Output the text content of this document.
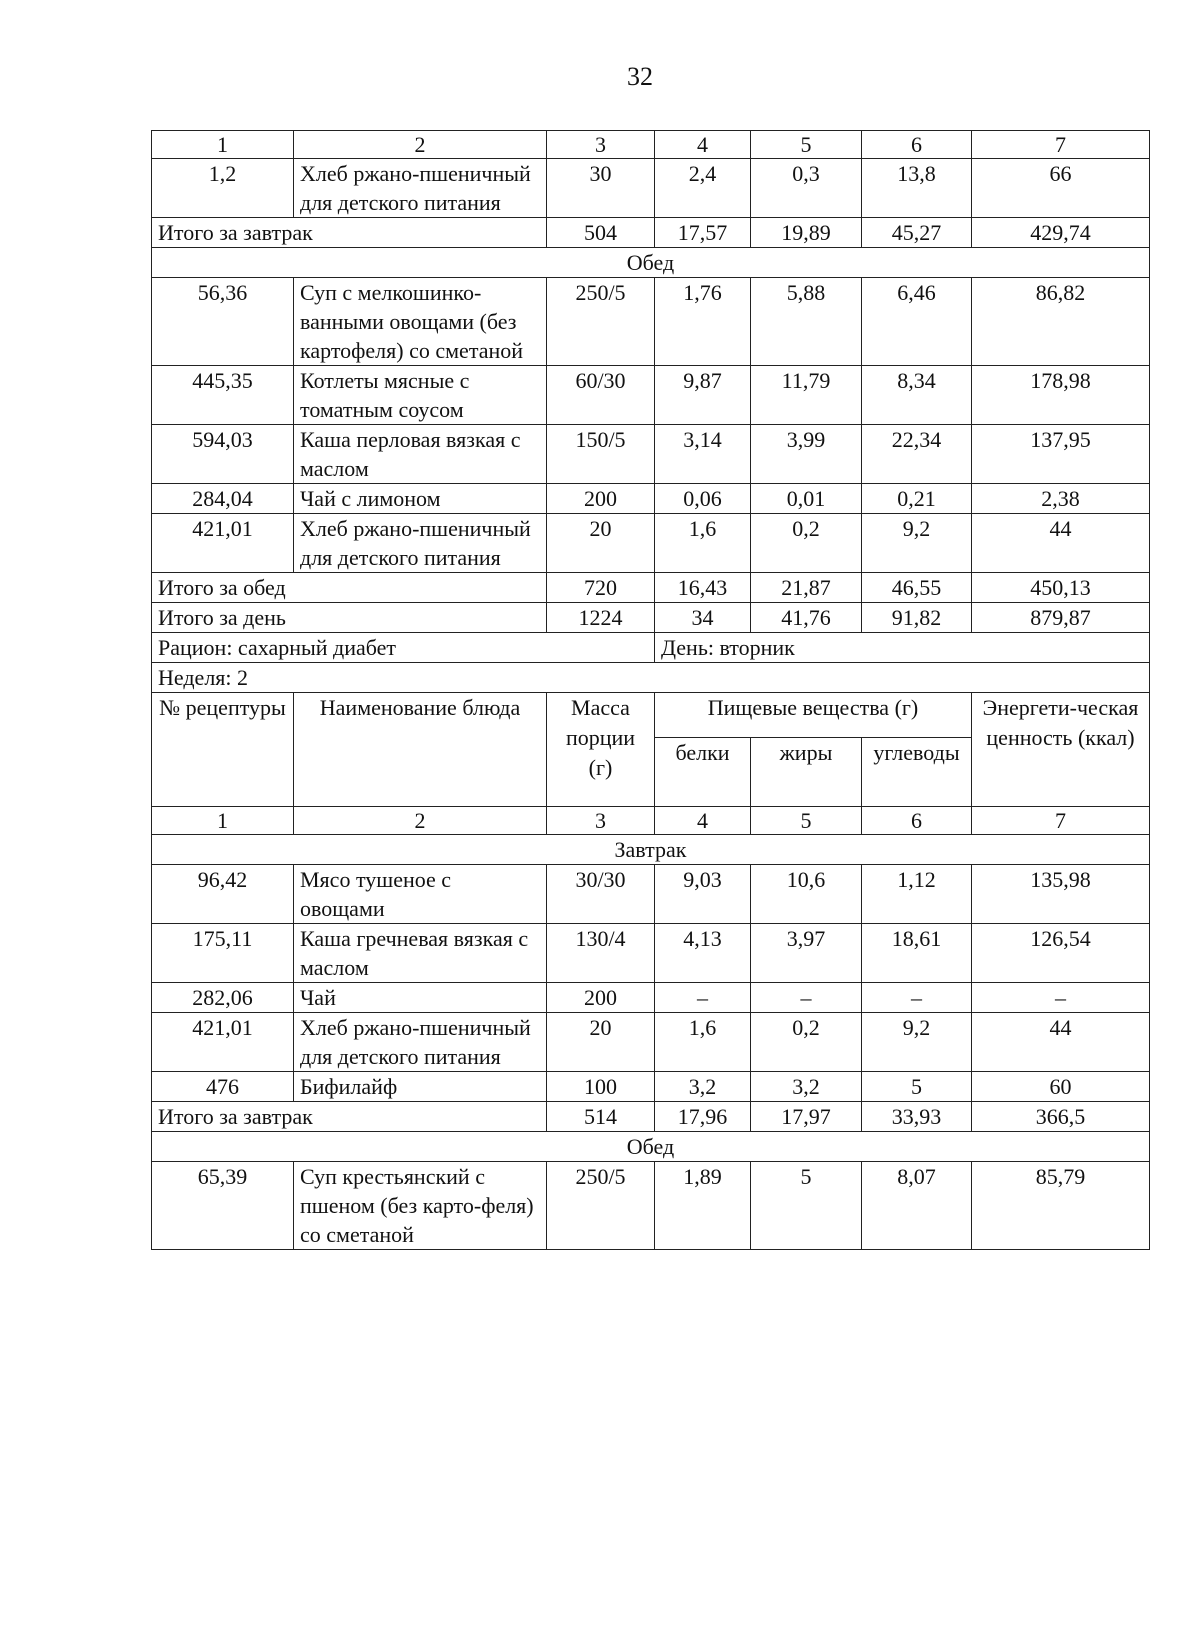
32
1	2	3	4	5	6	7
1,2	Хлеб ржано-пшеничный для детского питания	30	2,4	0,3	13,8	66
Итого за завтрак		504	17,57	19,89	45,27	429,74
Обед						
56,36	Суп с мелкошинко-ванными овощами (без картофеля) со сметаной	250/5	1,76	5,88	6,46	86,82
445,35	Котлеты мясные с томатным соусом	60/30	9,87	11,79	8,34	178,98
594,03	Каша перловая вязкая с маслом	150/5	3,14	3,99	22,34	137,95
284,04	Чай с лимоном	200	0,06	0,01	0,21	2,38
421,01	Хлеб ржано-пшеничный для детского питания	20	1,6	0,2	9,2	44
Итого за обед		720	16,43	21,87	46,55	450,13
Итого за день		1224	34	41,76	91,82	879,87
Рацион: сахарный диабет			День: вторник			
Неделя: 2						
№ рецептуры	Наименование блюда	Масса порции (г)	Пищевые вещества (г)			Энергети-ческая ценность (ккал)
			белки	жиры	углеводы	
1	2	3	4	5	6	7
Завтрак						
96,42	Мясо тушеное с овощами	30/30	9,03	10,6	1,12	135,98
175,11	Каша гречневая вязкая с маслом	130/4	4,13	3,97	18,61	126,54
282,06	Чай	200	–	–	–	–
421,01	Хлеб ржано-пшеничный для детского питания	20	1,6	0,2	9,2	44
476	Бифилайф	100	3,2	3,2	5	60
Итого за завтрак		514	17,96	17,97	33,93	366,5
Обед						
65,39	Суп крестьянский с пшеном (без карто-феля) со сметаной	250/5	1,89	5	8,07	85,79
